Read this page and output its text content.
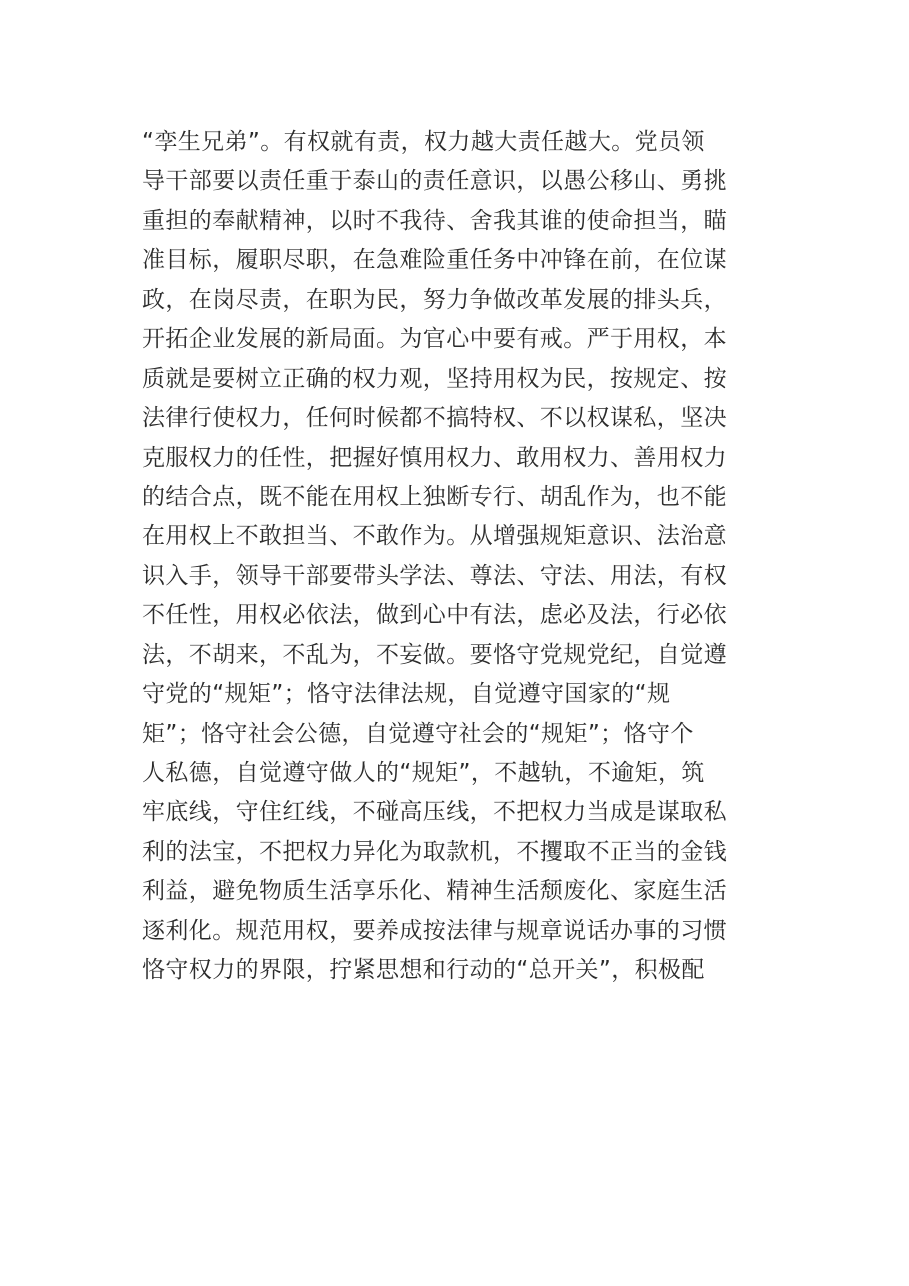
“孪生兄弟”。有权就有责，权力越大责任越大。党员领
导干部要以责任重于泰山的责任意识，以愚公移山、勇挑
重担的奉献精神，以时不我待、舍我其谁的使命担当，瞄
准目标，履职尽职，在急难险重任务中冲锋在前，在位谋
政，在岗尽责，在职为民，努力争做改革发展的排头兵，
开拓企业发展的新局面。为官心中要有戒。严于用权，本
质就是要树立正确的权力观，坚持用权为民，按规定、按
法律行使权力，任何时候都不搞特权、不以权谋私，坚决
克服权力的任性，把握好慎用权力、敢用权力、善用权力
的结合点，既不能在用权上独断专行、胡乱作为，也不能
在用权上不敢担当、不敢作为。从增强规矩意识、法治意
识入手，领导干部要带头学法、尊法、守法、用法，有权
不任性，用权必依法，做到心中有法，虑必及法，行必依
法，不胡来，不乱为，不妄做。要恪守党规党纪，自觉遵
守党的“规矩”；恪守法律法规，自觉遵守国家的“规
矩”；恪守社会公德，自觉遵守社会的“规矩”；恪守个
人私德，自觉遵守做人的“规矩”，不越轨，不逾矩，筑
牢底线，守住红线，不碰高压线，不把权力当成是谋取私
利的法宝，不把权力异化为取款机，不攫取不正当的金钱
利益，避免物质生活享乐化、精神生活颓废化、家庭生活
逐利化。规范用权，要养成按法律与规章说话办事的习惯
恪守权力的界限，拧紧思想和行动的“总开关”，积极配
